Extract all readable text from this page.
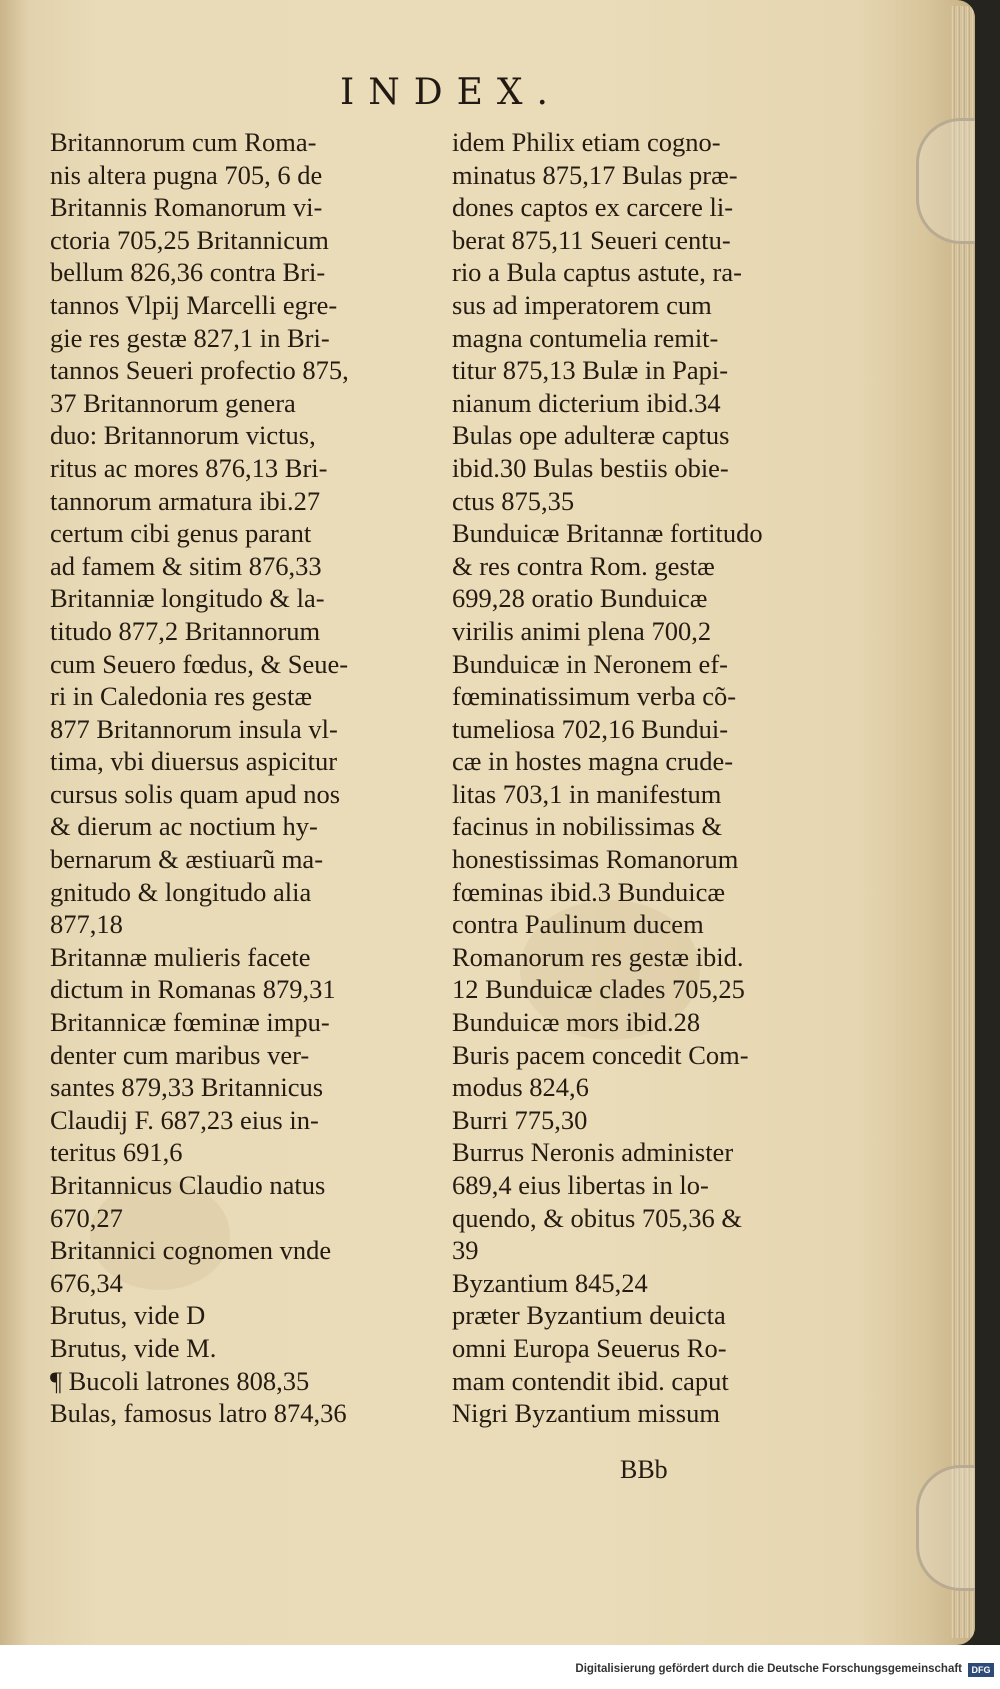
INDEX.
Britannorum cum Roma-
nis altera pugna 705, 6 de
Britannis Romanorum vi-
ctoria 705,25 Britannicum
bellum 826,36 contra Bri-
tannos Vlpij Marcelli egre-
gie res gestæ 827,1 in Bri-
tannos Seueri profectio 875,
37 Britannorum genera
duo: Britannorum victus,
ritus ac mores 876,13 Bri-
tannorum armatura ibi.27
certum cibi genus parant
ad famem & sitim 876,33
Britanniæ longitudo & la-
titudo 877,2 Britannorum
cum Seuero fœdus, & Seue-
ri in Caledonia res gestæ
877 Britannorum insula vl-
tima, vbi diuersus aspicitur
cursus solis quam apud nos
& dierum ac noctium hy-
bernarum & æstiuarũ ma-
gnitudo & longitudo alia
877,18
Britannæ mulieris facete
dictum in Romanas 879,31
Britannicæ fœminæ impu-
denter cum maribus ver-
santes 879,33 Britannicus
Claudij F. 687,23 eius in-
teritus 691,6
Britannicus Claudio natus
670,27
Britannici cognomen vnde
676,34
Brutus, vide D
Brutus, vide M.
¶ Bucoli latrones 808,35
Bulas, famosus latro 874,36
idem Philix etiam cogno-
minatus 875,17 Bulas præ-
dones captos ex carcere li-
berat 875,11 Seueri centu-
rio a Bula captus astute, ra-
sus ad imperatorem cum
magna contumelia remit-
titur 875,13 Bulæ in Papi-
nianum dicterium ibid.34
Bulas ope adulteræ captus
ibid.30 Bulas bestiis obie-
ctus 875,35
Bunduicæ Britannæ fortitudo
& res contra Rom. gestæ
699,28 oratio Bunduicæ
virilis animi plena 700,2
Bunduicæ in Neronem ef-
fœminatissimum verba cõ-
tumeliosa 702,16 Bundui-
cæ in hostes magna crude-
litas 703,1 in manifestum
facinus in nobilissimas &
honestissimas Romanorum
fœminas ibid.3 Bunduicæ
contra Paulinum ducem
Romanorum res gestæ ibid.
12 Bunduicæ clades 705,25
Bunduicæ mors ibid.28
Buris pacem concedit Com-
modus 824,6
Burri 775,30
Burrus Neronis administer
689,4 eius libertas in lo-
quendo, & obitus 705,36 &
39
Byzantium 845,24
præter Byzantium deuicta
omni Europa Seuerus Ro-
mam contendit ibid. caput
Nigri Byzantium missum
BBb
Digitalisierung gefördert durch die Deutsche Forschungsgemeinschaft	DFG
